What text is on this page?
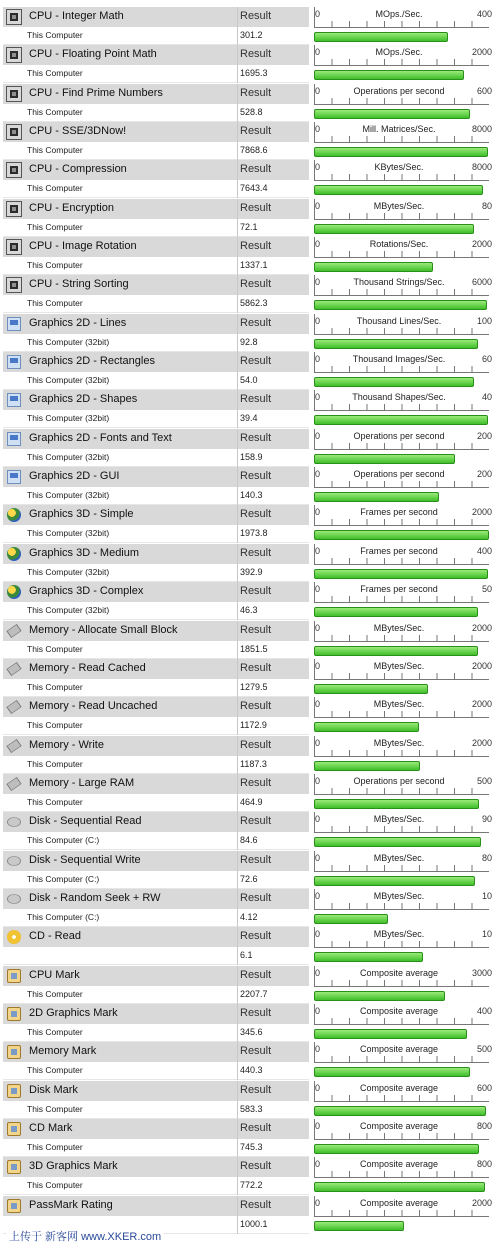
CPU - Integer Math	Result
This Computer	301.2
0	MOps./Sec.	400
CPU - Floating Point Math	Result
This Computer	1695.3
0	MOps./Sec.	2000
CPU - Find Prime Numbers	Result
This Computer	528.8
0	Operations per second	600
CPU - SSE/3DNow!	Result
This Computer	7868.6
0	Mill. Matrices/Sec.	8000
CPU - Compression	Result
This Computer	7643.4
0	KBytes/Sec.	8000
CPU - Encryption	Result
This Computer	72.1
0	MBytes/Sec.	80
CPU - Image Rotation	Result
This Computer	1337.1
0	Rotations/Sec.	2000
CPU - String Sorting	Result
This Computer	5862.3
0	Thousand Strings/Sec.	6000
Graphics 2D - Lines	Result
This Computer (32bit)	92.8
0	Thousand Lines/Sec.	100
Graphics 2D - Rectangles	Result
This Computer (32bit)	54.0
0	Thousand Images/Sec.	60
Graphics 2D - Shapes	Result
This Computer (32bit)	39.4
0	Thousand Shapes/Sec.	40
Graphics 2D - Fonts and Text	Result
This Computer (32bit)	158.9
0	Operations per second	200
Graphics 2D - GUI	Result
This Computer (32bit)	140.3
0	Operations per second	200
Graphics 3D - Simple	Result
This Computer (32bit)	1973.8
0	Frames per second	2000
Graphics 3D - Medium	Result
This Computer (32bit)	392.9
0	Frames per second	400
Graphics 3D - Complex	Result
This Computer (32bit)	46.3
0	Frames per second	50
Memory - Allocate Small Block	Result
This Computer	1851.5
0	MBytes/Sec.	2000
Memory - Read Cached	Result
This Computer	1279.5
0	MBytes/Sec.	2000
Memory - Read Uncached	Result
This Computer	1172.9
0	MBytes/Sec.	2000
Memory - Write	Result
This Computer	1187.3
0	MBytes/Sec.	2000
Memory - Large RAM	Result
This Computer	464.9
0	Operations per second	500
Disk - Sequential Read	Result
This Computer (C:)	84.6
0	MBytes/Sec.	90
Disk - Sequential Write	Result
This Computer (C:)	72.6
0	MBytes/Sec.	80
Disk - Random Seek + RW	Result
This Computer (C:)	4.12
0	MBytes/Sec.	10
CD - Read	Result
6.1
0	MBytes/Sec.	10
CPU Mark	Result
This Computer	2207.7
0	Composite average	3000
2D Graphics Mark	Result
This Computer	345.6
0	Composite average	400
Memory Mark	Result
This Computer	440.3
0	Composite average	500
Disk Mark	Result
This Computer	583.3
0	Composite average	600
CD Mark	Result
This Computer	745.3
0	Composite average	800
3D Graphics Mark	Result
This Computer	772.2
0	Composite average	800
PassMark Rating	Result
1000.1
0	Composite average	2000
上传于 新客网 www.XKER.com
